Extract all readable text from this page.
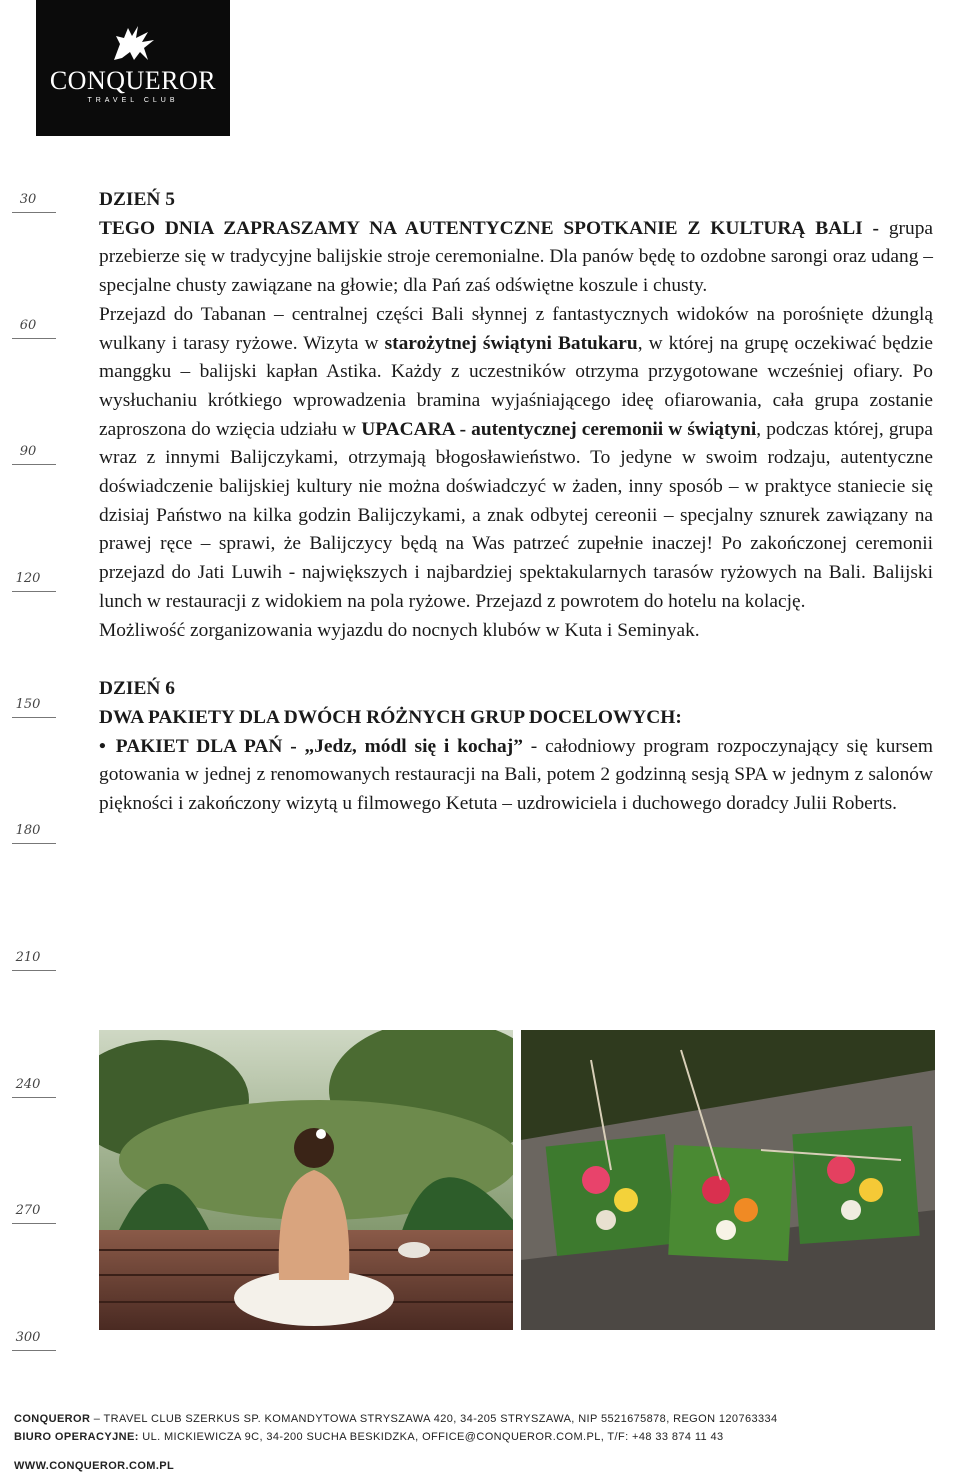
CONQUEROR
TRAVEL CLUB
30
60
90
120
150
180
210
240
270
300

DZIEŃ 5

TEGO DNIA ZAPRASZAMY NA AUTENTYCZNE SPOTKANIE Z KULTURĄ BALI - grupa przebierze się w tradycyjne balijskie stroje ceremonialne. Dla panów będę to ozdobne sarongi oraz udang – specjalne chusty zawiązane na głowie; dla Pań zaś odświętne koszule i chusty.

Przejazd do Tabanan – centralnej części Bali słynnej z fantastycznych widoków na porośnięte dżunglą wulkany i tarasy ryżowe. Wizyta w starożytnej świątyni Batukaru, w której na grupę oczekiwać będzie manggku – balijski kapłan Astika. Każdy z uczestników otrzyma przygotowane wcześniej ofiary. Po wysłuchaniu krótkiego wprowadzenia bramina wyjaśniającego ideę ofiarowania, cała grupa zostanie zaproszona do wzięcia udziału w UPACARA - autentycznej ceremonii w świątyni, podczas której, grupa wraz z innymi Balijczykami, otrzymają błogosławieństwo. To jedyne w swoim rodzaju, autentyczne doświadczenie balijskiej kultury nie można doświadczyć w żaden, inny sposób – w praktyce staniecie się dzisiaj Państwo na kilka godzin Balijczykami, a znak odbytej cereonii – specjalny sznurek zawiązany na prawej ręce – sprawi, że Balijczycy będą na Was patrzeć zupełnie inaczej! Po zakończonej ceremonii przejazd do Jati Luwih - największych i najbardziej spektakularnych tarasów ryżowych na Bali. Balijski lunch w restauracji z widokiem na pola ryżowe. Przejazd z powrotem do hotelu na kolację.

Możliwość zorganizowania wyjazdu do nocnych klubów w Kuta i Seminyak.

DZIEŃ 6

DWA PAKIETY DLA DWÓCH RÓŻNYCH GRUP DOCELOWYCH:

• PAKIET DLA PAŃ - „Jedz, módl się i kochaj” - całodniowy program rozpoczynający się kursem gotowania w jednej z renomowanych restauracji na Bali, potem 2 godzinną sesją SPA w jednym z salonów piękności i zakończony wizytą u filmowego Ketuta – uzdrowiciela i duchowego doradcy Julii Roberts.

CONQUEROR – TRAVEL CLUB SZERKUS SP. KOMANDYTOWA STRYSZAWA 420, 34-205 STRYSZAWA, NIP 5521675878, REGON 120763334
BIURO OPERACYJNE: UL. MICKIEWICZA 9C, 34-200 SUCHA BESKIDZKA, OFFICE@CONQUEROR.COM.PL, T/F: +48 33 874 11 43
WWW.CONQUEROR.COM.PL
